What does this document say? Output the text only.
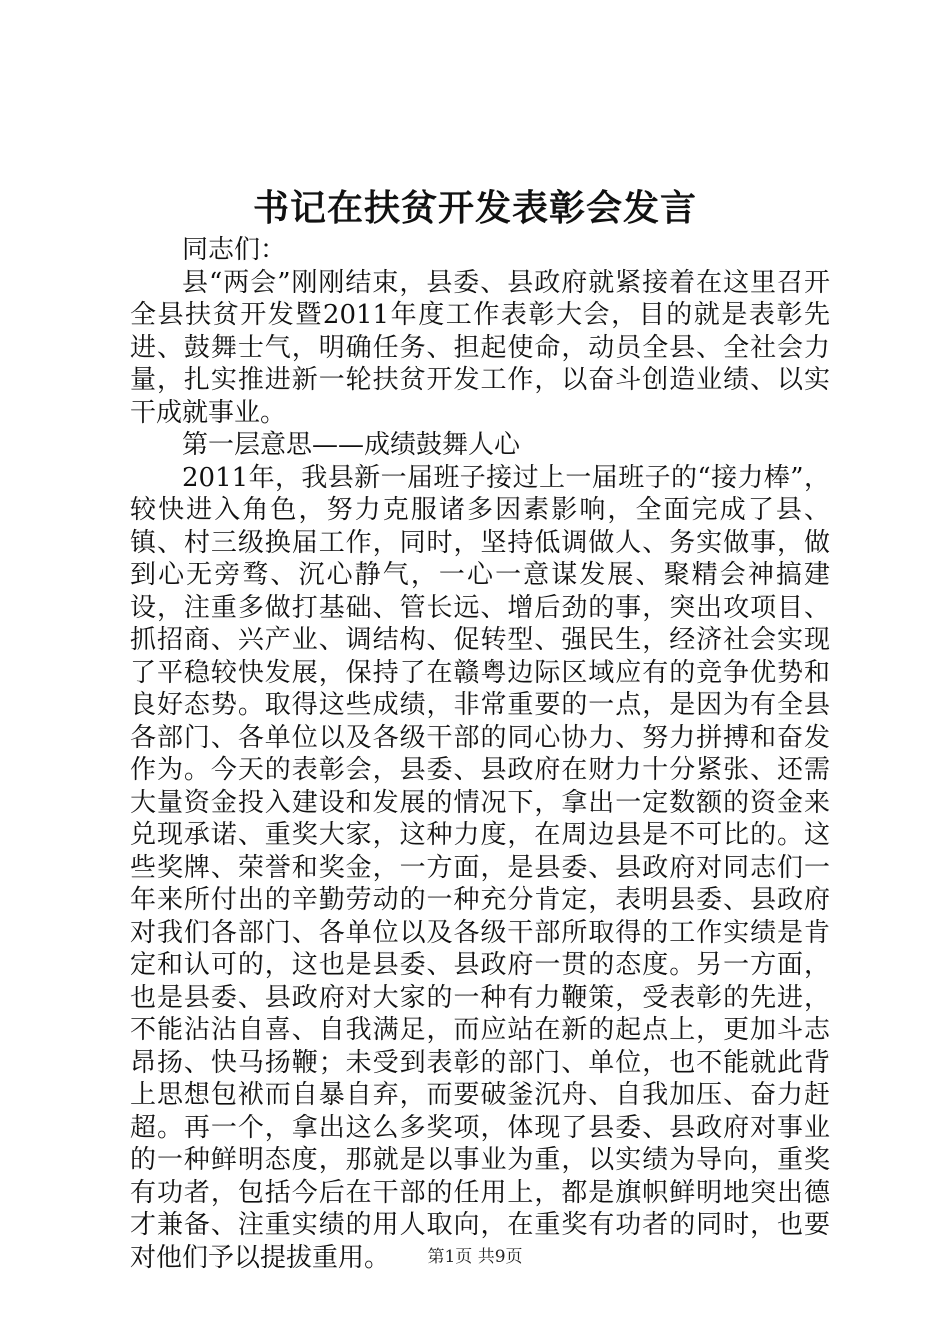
书记在扶贫开发表彰会发言

同志们：

县“两会”刚刚结束，县委、县政府就紧接着在这里召开全县扶贫开发暨2011年度工作表彰大会，目的就是表彰先进、鼓舞士气，明确任务、担起使命，动员全县、全社会力量，扎实推进新一轮扶贫开发工作，以奋斗创造业绩、以实干成就事业。

第一层意思——成绩鼓舞人心

2011年，我县新一届班子接过上一届班子的“接力棒”，较快进入角色，努力克服诸多因素影响，全面完成了县、镇、村三级换届工作，同时，坚持低调做人、务实做事，做到心无旁骛、沉心静气，一心一意谋发展、聚精会神搞建设，注重多做打基础、管长远、增后劲的事，突出攻项目、抓招商、兴产业、调结构、促转型、强民生，经济社会实现了平稳较快发展，保持了在赣粤边际区域应有的竞争优势和良好态势。取得这些成绩，非常重要的一点，是因为有全县各部门、各单位以及各级干部的同心协力、努力拼搏和奋发作为。今天的表彰会，县委、县政府在财力十分紧张、还需大量资金投入建设和发展的情况下，拿出一定数额的资金来兑现承诺、重奖大家，这种力度，在周边县是不可比的。这些奖牌、荣誉和奖金，一方面，是县委、县政府对同志们一年来所付出的辛勤劳动的一种充分肯定，表明县委、县政府对我们各部门、各单位以及各级干部所取得的工作实绩是肯定和认可的，这也是县委、县政府一贯的态度。另一方面，也是县委、县政府对大家的一种有力鞭策，受表彰的先进，不能沾沾自喜、自我满足，而应站在新的起点上，更加斗志昂扬、快马扬鞭；未受到表彰的部门、单位，也不能就此背上思想包袱而自暴自弃，而要破釜沉舟、自我加压、奋力赶超。再一个，拿出这么多奖项，体现了县委、县政府对事业的一种鲜明态度，那就是以事业为重，以实绩为导向，重奖有功者，包括今后在干部的任用上，都是旗帜鲜明地突出德才兼备、注重实绩的用人取向，在重奖有功者的同时，也要对他们予以提拔重用。	第1页 共9页
